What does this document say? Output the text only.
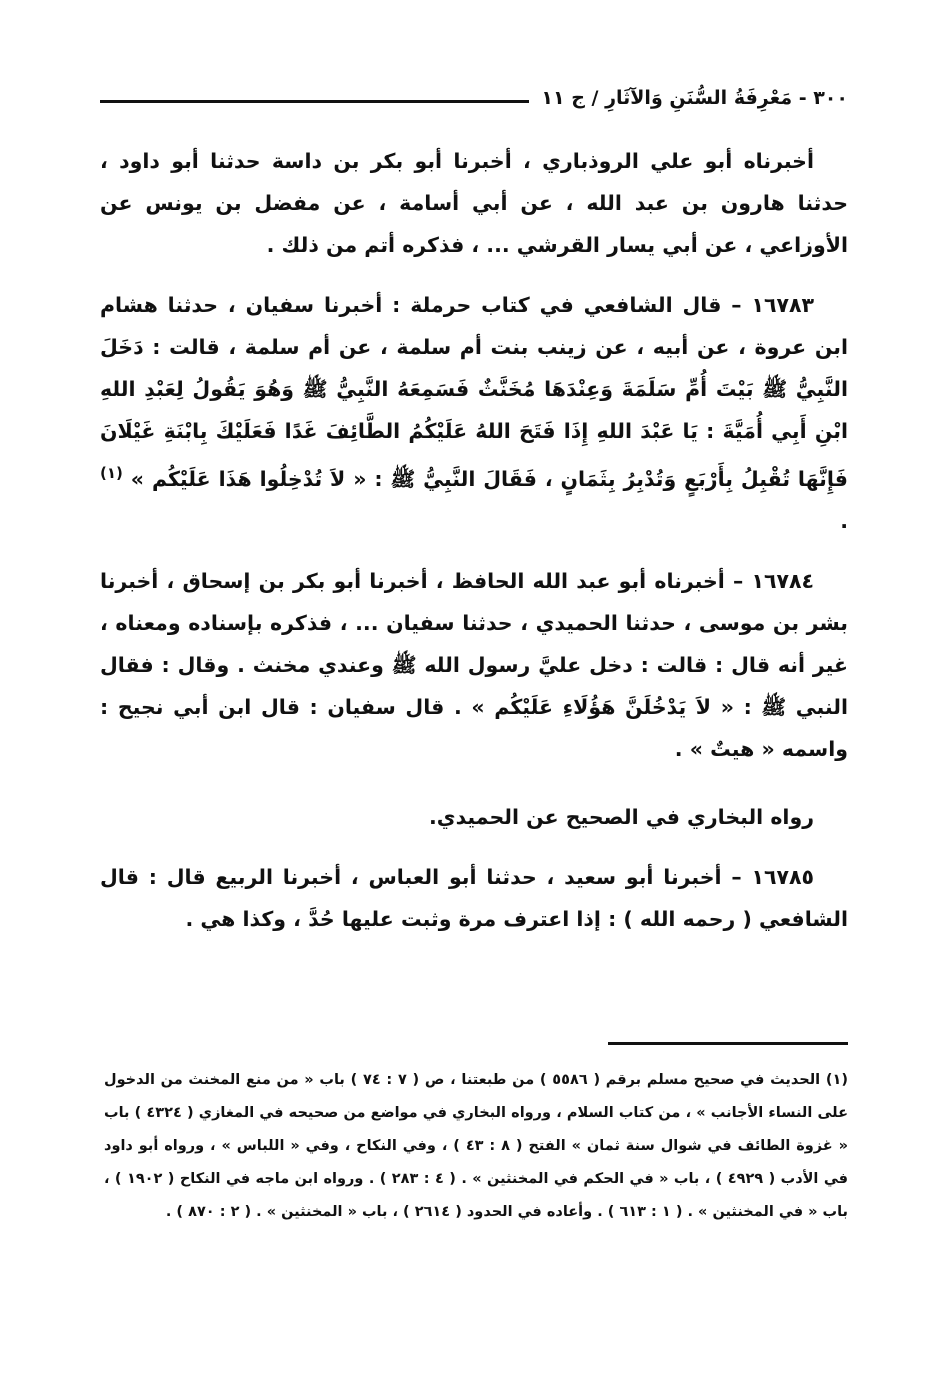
٣٠٠ - مَعْرِفَةُ السُّنَنِ وَالآثَارِ / ج ١١

أخبرناه أبو علي الروذباري ، أخبرنا أبو بكر بن داسة حدثنا أبو داود ، حدثنا هارون بن عبد الله ، عن أبي أسامة ، عن مفضل بن يونس عن الأوزاعي ، عن أبي يسار القرشي ... ، فذكره أتم من ذلك .

١٦٧٨٣ – قال الشافعي في كتاب حرملة : أخبرنا سفيان ، حدثنا هشام ابن عروة ، عن أبيه ، عن زينب بنت أم سلمة ، عن أم سلمة ، قالت : دَخَلَ النَّبِيُّ ﷺ بَيْتَ أُمِّ سَلَمَةَ وَعِنْدَهَا مُخَنَّثٌ فَسَمِعَهُ النَّبِيُّ ﷺ وَهُوَ يَقُولُ لِعَبْدِ اللهِ ابْنِ أَبِي أُمَيَّةَ : يَا عَبْدَ اللهِ إِذَا فَتَحَ اللهُ عَلَيْكُمُ الطَّائِفَ غَدًا فَعَلَيْكَ بِابْنَةِ غَيْلَانَ فَإِنَّهَا تُقْبِلُ بِأَرْبَعٍ وَتُدْبِرُ بِثَمَانٍ ، فَقَالَ النَّبِيُّ ﷺ : « لاَ تُدْخِلُوا هَذَا عَلَيْكُم » $^{(١)}$ .

١٦٧٨٤ – أخبرناه أبو عبد الله الحافظ ، أخبرنا أبو بكر بن إسحاق ، أخبرنا بشر بن موسى ، حدثنا الحميدي ، حدثنا سفيان ... ، فذكره بإسناده ومعناه ، غير أنه قال : قالت : دخل عليَّ رسول الله ﷺ وعندي مخنث . وقال : فقال النبي ﷺ : « لاَ يَدْخُلَنَّ هَؤُلَاءِ عَلَيْكُم » . قال سفيان : قال ابن أبي نجيح : واسمه « هيتٌ » .

رواه البخاري في الصحيح عن الحميدي.

١٦٧٨٥ – أخبرنا أبو سعيد ، حدثنا أبو العباس ، أخبرنا الربيع قال : قال الشافعي ( رحمه الله ) : إذا اعترف مرة وثبت عليها حُدَّ ، وكذا هي .

(١) الحديث في صحيح مسلم برقم ( ٥٥٨٦ ) من طبعتنا ، ص ( ٧ : ٧٤ ) باب « من منع المخنث من الدخول على النساء الأجانب » ، من كتاب السلام ، ورواه البخاري في مواضع من صحيحه في المغازي ( ٤٣٢٤ ) باب « غزوة الطائف في شوال سنة ثمان » الفتح ( ٨ : ٤٣ ) ، وفي النكاح ، وفي « اللباس » ، ورواه أبو داود في الأدب ( ٤٩٢٩ ) ، باب « في الحكم في المخنثين » . ( ٤ : ٢٨٣ ) . ورواه ابن ماجه في النكاح ( ١٩٠٢ ) ، باب « في المخنثين » . ( ١ : ٦١٣ ) . وأعاده في الحدود ( ٢٦١٤ ) ، باب « المخنثين » . ( ٢ : ٨٧٠ ) .
